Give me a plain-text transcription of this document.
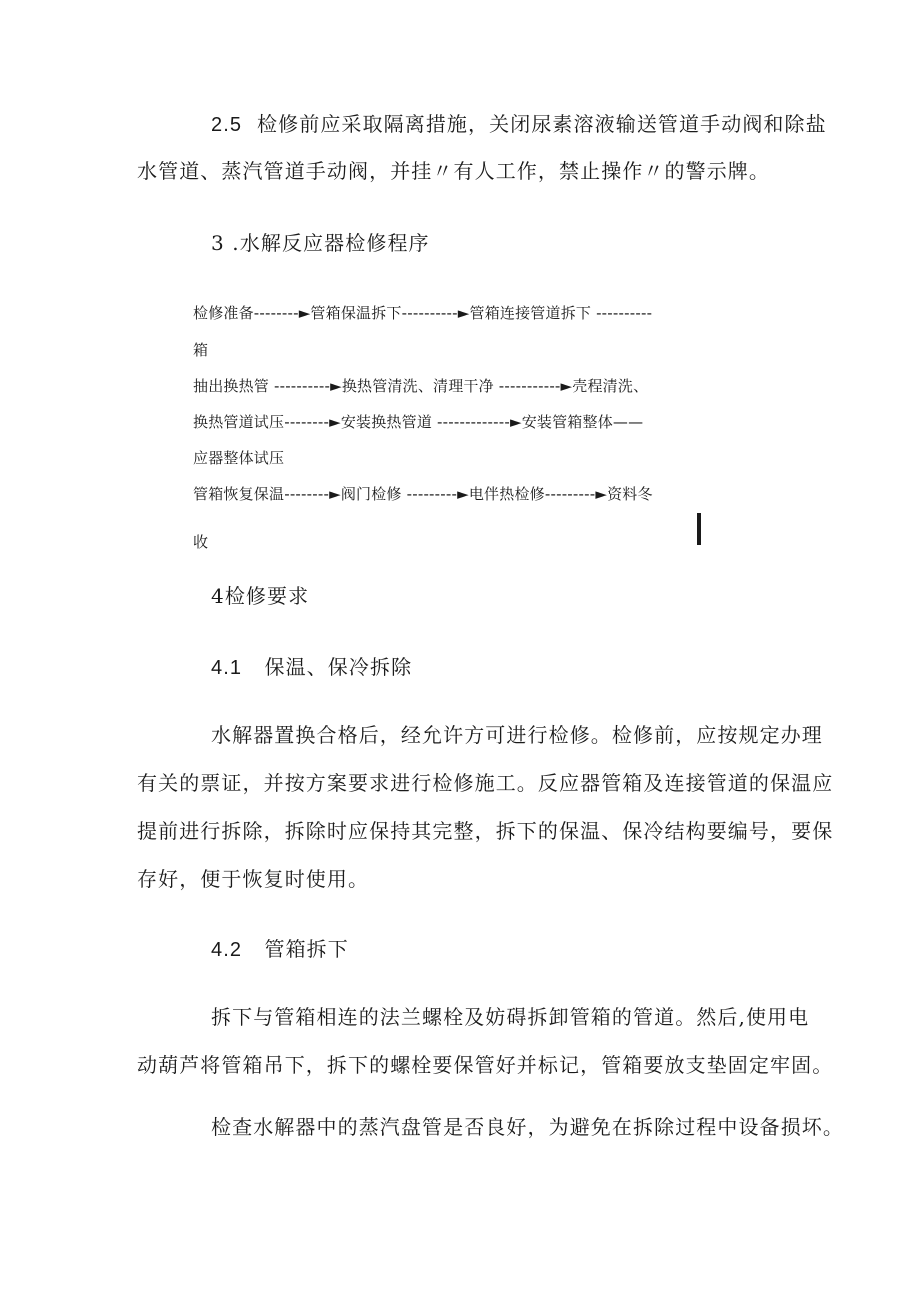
2.5 检修前应采取隔离措施，关闭尿素溶液输送管道手动阀和除盐
水管道、蒸汽管道手动阀，并挂〃有人工作，禁止操作〃的警示牌。
3 .水解反应器检修程序
检修准备--------►管箱保温拆下----------►管箱连接管道拆下 ----------
箱
抽出换热管 ----------►换热管清洗、清理干净 -----------►壳程清洗、
换热管道试压--------►安装换热管道 -------------►安装管箱整体——
应器整体试压
管箱恢复保温--------►阀门检修 ---------►电伴热检修---------►资料冬
收
4检修要求
4.1 保温、保冷拆除
水解器置换合格后，经允许方可进行检修。检修前，应按规定办理
有关的票证，并按方案要求进行检修施工。反应器管箱及连接管道的保温应
提前进行拆除，拆除时应保持其完整，拆下的保温、保冷结构要编号，要保
存好，便于恢复时使用。
4.2 管箱拆下
拆下与管箱相连的法兰螺栓及妨碍拆卸管箱的管道。然后,使用电
动葫芦将管箱吊下，拆下的螺栓要保管好并标记，管箱要放支垫固定牢固。
检查水解器中的蒸汽盘管是否良好，为避免在拆除过程中设备损坏。
